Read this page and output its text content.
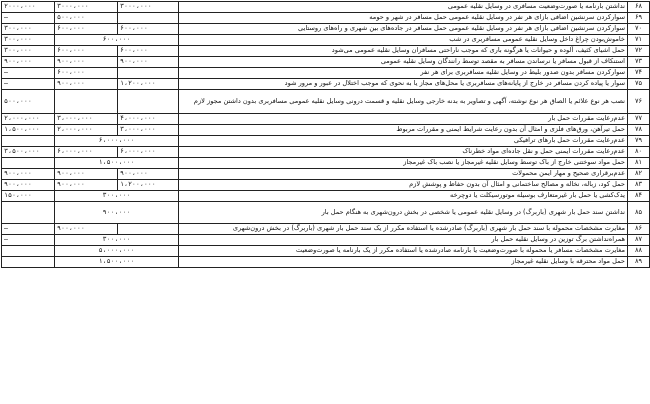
۲۰۰۰،۰۰۰	۳۰۰۰،۰۰۰	۳۰۰۰،۰۰۰	نداشتن بارنامه یا صورت‌وضعیت مسافری در وسایل نقلیه عمومی	۶۸
—	۵۰۰،۰۰۰		سوارکردن سرنشین اضافی بازای هر نفر در وسایل نقلیه عمومی حمل مسافر در شهر و حومه	۶۹
۳۰۰،۰۰۰	۶۰۰،۰۰۰	۶۰۰،۰۰۰	سوارکردن سرنشین اضافی بازای هر نفر در وسایل نقلیه عمومی حمل مسافر در جاده‌های بین شهری و راه‌های روستایی	۷۰
۳۰۰،۰۰۰	۶۰۰،۰۰۰		خاموش‌بودن چراغ داخل وسایل نقلیه عمومی مسافربری در شب	۷۱
۳۰۰،۰۰۰	۶۰۰،۰۰۰	۶۰۰،۰۰۰	حمل اشیای کثیف، آلوده و حیوانات یا هرگونه باری که موجب ناراحتی مسافران وسایل نقلیه عمومی می‌شود	۷۲
۹۰۰،۰۰۰	۹۰۰،۰۰۰	۹۰۰،۰۰۰	استنکاف از قبول مسافر یا نرساندن مسافر به مقصد توسط رانندگان وسایل نقلیه عمومی	۷۳
—	۶۰۰،۰۰۰		سوارکردن مسافر بدون صدور بلیط در وسایل نقلیه مسافربری برای هر نفر	۷۴
—	۹۰۰،۰۰۰	۱،۲۰۰،۰۰۰	سوار یا پیاده کردن مسافر در خارج از پایانه‌های مسافربری یا محل‌های مجاز یا به نحوی که موجب اختلال در عبور و مرور شود	۷۵
۵۰۰،۰۰۰			نصب هر نوع علائم یا الصاق هر نوع نوشته، آگهی و تصاویر به بدنه خارجی وسایل نقلیه و قسمت درونی وسایل نقلیه عمومی مسافربری بدون داشتن مجوز لازم	۷۶
۲،۰۰۰،۰۰۰	۳،۰۰۰،۰۰۰	۴،۰۰۰،۰۰۰	عدم‌رعایت مقررات حمل بار	۷۷
۱،۵۰۰،۰۰۰	۲،۰۰۰،۰۰۰	۳،۰۰۰،۰۰۰	حمل تیرآهن، ورق‌های فلزی و امثال آن بدون رعایت شرایط ایمنی و مقررات مربوط	۷۸
	۶،۰۰۰،۰۰۰		عدم‌رعایت مقررات حمل بارهای ترافیکی	۷۹
۳،۵۰۰،۰۰۰	۶،۰۰۰،۰۰۰	۶،۰۰۰،۰۰۰	عدم‌رعایت مقررات ایمنی حمل و نقل جاده‌ای مواد خطرناک	۸۰
	۱،۵۰۰،۰۰۰		حمل مواد سوختنی خارج از باک توسط وسایل نقلیه غیرمجاز یا نصب باک غیرمجاز	۸۱
۹۰۰،۰۰۰	۹۰۰،۰۰۰	۹۰۰،۰۰۰	عدم‌برقراری صحیح و مهار ایمن محمولات	۸۲
۹۰۰،۰۰۰	۹۰۰،۰۰۰	۱،۲۰۰،۰۰۰	حمل کود، زباله، نخاله و مصالح ساختمانی و امثال آن بدون حفاظ و پوشش لازم	۸۳
۱۵۰،۰۰۰	۳۰۰،۰۰۰		یدک‌کشی یا حمل بار غیرمتعارف بوسیله موتورسیکلت یا دوچرخه	۸۴
	۹۰۰،۰۰۰		نداشتن سند حمل بار شهری (باربرگ) در وسایل نقلیه عمومی یا شخصی در بخش درون‌شهری به هنگام حمل بار	۸۵
—	۹۰۰،۰۰۰		مغایرت مشخصات محموله با سند حمل بار شهری (باربرگ) صادرشده یا استفاده مکرر از یک سند حمل بار شهری (باربرگ) در بخش درون‌شهری	۸۶
—	۳۰۰،۰۰۰		همراه‌نداشتن برگ توزین در وسایل نقلیه حمل بار	۸۷
	۵،۰۰۰،۰۰۰		مغایرت مشخصات مسافر یا محموله با صورت‌وضعیت یا بارنامه صادرشده یا استفاده مکرر از یک بارنامه یا صورت‌وضعیت	۸۸
	۱،۵۰۰،۰۰۰		حمل مواد محترقه با وسایل نقلیه غیرمجاز	۸۹
